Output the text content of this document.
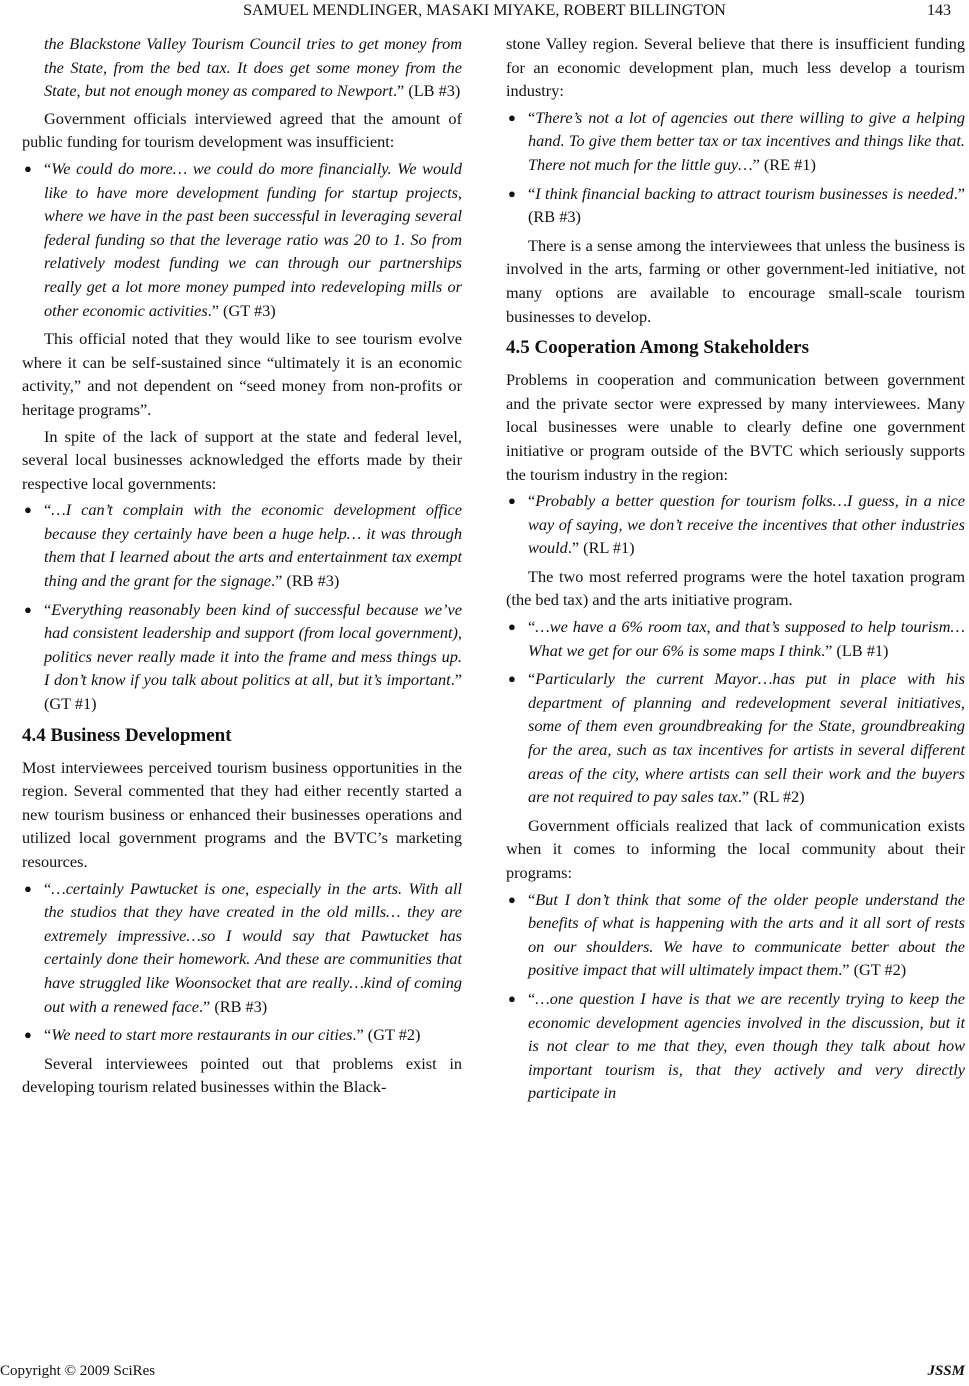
SAMUEL MENDLINGER, MASAKI MIYAKE, ROBERT BILLINGTON	143
the Blackstone Valley Tourism Council tries to get money from the State, from the bed tax. It does get some money from the State, but not enough money as compared to Newport.” (LB #3)

Government officials interviewed agreed that the amount of public funding for tourism development was insufficient:

● “We could do more… we could do more financially. We would like to have more development funding for startup projects, where we have in the past been successful in leveraging several federal funding so that the leverage ratio was 20 to 1. So from relatively modest funding we can through our partnerships really get a lot more money pumped into redeveloping mills or other economic activities.” (GT #3)

This official noted that they would like to see tourism evolve where it can be self-sustained since “ultimately it is an economic activity,” and not dependent on “seed money from non-profits or heritage programs”.

In spite of the lack of support at the state and federal level, several local businesses acknowledged the efforts made by their respective local governments:

● “…I can’t complain with the economic development office because they certainly have been a huge help… it was through them that I learned about the arts and entertainment tax exempt thing and the grant for the signage.” (RB #3)
● “Everything reasonably been kind of successful because we’ve had consistent leadership and support (from local government), politics never really made it into the frame and mess things up. I don’t know if you talk about politics at all, but it’s important.” (GT #1)
4.4 Business Development

Most interviewees perceived tourism business opportunities in the region. Several commented that they had either recently started a new tourism business or enhanced their businesses operations and utilized local government programs and the BVTC’s marketing resources.

● “…certainly Pawtucket is one, especially in the arts. With all the studios that they have created in the old mills… they are extremely impressive…so I would say that Pawtucket has certainly done their homework. And these are communities that have struggled like Woonsocket that are really…kind of coming out with a renewed face.” (RB #3)
● “We need to start more restaurants in our cities.” (GT #2)

Several interviewees pointed out that problems exist in developing tourism related businesses within the Black-

stone Valley region. Several believe that there is insufficient funding for an economic development plan, much less develop a tourism industry:

● “There’s not a lot of agencies out there willing to give a helping hand. To give them better tax or tax incentives and things like that. There not much for the little guy…” (RE #1)
● “I think financial backing to attract tourism businesses is needed.” (RB #3)

There is a sense among the interviewees that unless the business is involved in the arts, farming or other government-led initiative, not many options are available to encourage small-scale tourism businesses to develop.

4.5 Cooperation Among Stakeholders

Problems in cooperation and communication between government and the private sector were expressed by many interviewees. Many local businesses were unable to clearly define one government initiative or program outside of the BVTC which seriously supports the tourism industry in the region:

● “Probably a better question for tourism folks…I guess, in a nice way of saying, we don’t receive the incentives that other industries would.” (RL #1)

The two most referred programs were the hotel taxation program (the bed tax) and the arts initiative program.

● “…we have a 6% room tax, and that’s supposed to help tourism…What we get for our 6% is some maps I think.” (LB #1)
● “Particularly the current Mayor…has put in place with his department of planning and redevelopment several initiatives, some of them even groundbreaking for the State, groundbreaking for the area, such as tax incentives for artists in several different areas of the city, where artists can sell their work and the buyers are not required to pay sales tax.” (RL #2)

Government officials realized that lack of communication exists when it comes to informing the local community about their programs:

● “But I don’t think that some of the older people understand the benefits of what is happening with the arts and it all sort of rests on our shoulders. We have to communicate better about the positive impact that will ultimately impact them.” (GT #2)
● “…one question I have is that we are recently trying to keep the economic development agencies involved in the discussion, but it is not clear to me that they, even though they talk about how important tourism is, that they actively and very directly participate in
Copyright © 2009 SciRes	JSSM
